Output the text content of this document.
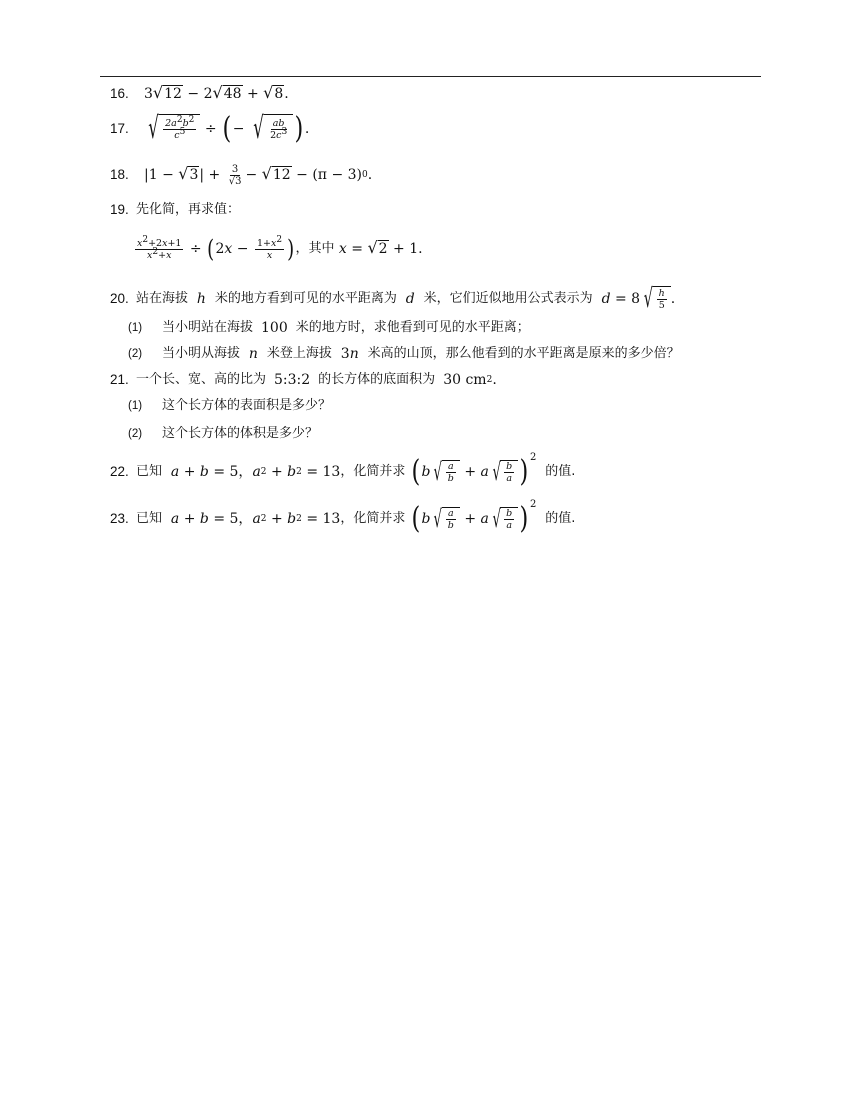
16.	3 √ 12 − 2 √ 48 + √ 8 .
17. √ $\frac{2a^2b^2}{c^5}$ ÷ ( − √ $\frac{ab}{2c^3}$ ) .
18.	|1 − √ 3 | + $\frac{3}{√3}$ − √ 12 − (π − 3) 0 .
19. 先化简，再求值：
$\frac{x^2+2x+1}{x^2+x}$ ÷ ( 2 $x - \frac{1+x^2}{x}$ ) ，其中
x = √ 2 + 1.
20. 站在海拔
h
米的地方看到可见的水平距离为
d
米，它们近似地用公式表示为
d = 8 √ $\frac{h}{5}$ .
(1)	当小明站在海拔 100 米的地方时，求他看到可见的水平距离；
(2)	当小明从海拔
n
米登上海拔 3 n
米高的山顶，那么他看到的水平距离是原来的多少倍？
21. 一个长、宽、高的比为 5:3:2 的长方体的底面积为 30 cm 2 .
(1)	这个长方体的表面积是多少？
(2)	这个长方体的体积是多少？
22. 已知
a + b = 5， a 2 + b 2 = 13 ，化简并求
( b √ $\frac{a}{b} + a$ √ $\frac{b}{a}$ ) 2

的值.
23. 已知
a + b = 5， a 2 + b 2 = 13 ，化简并求
( b √ $\frac{a}{b} + a$ √ $\frac{b}{a}$ ) 2

的值.
